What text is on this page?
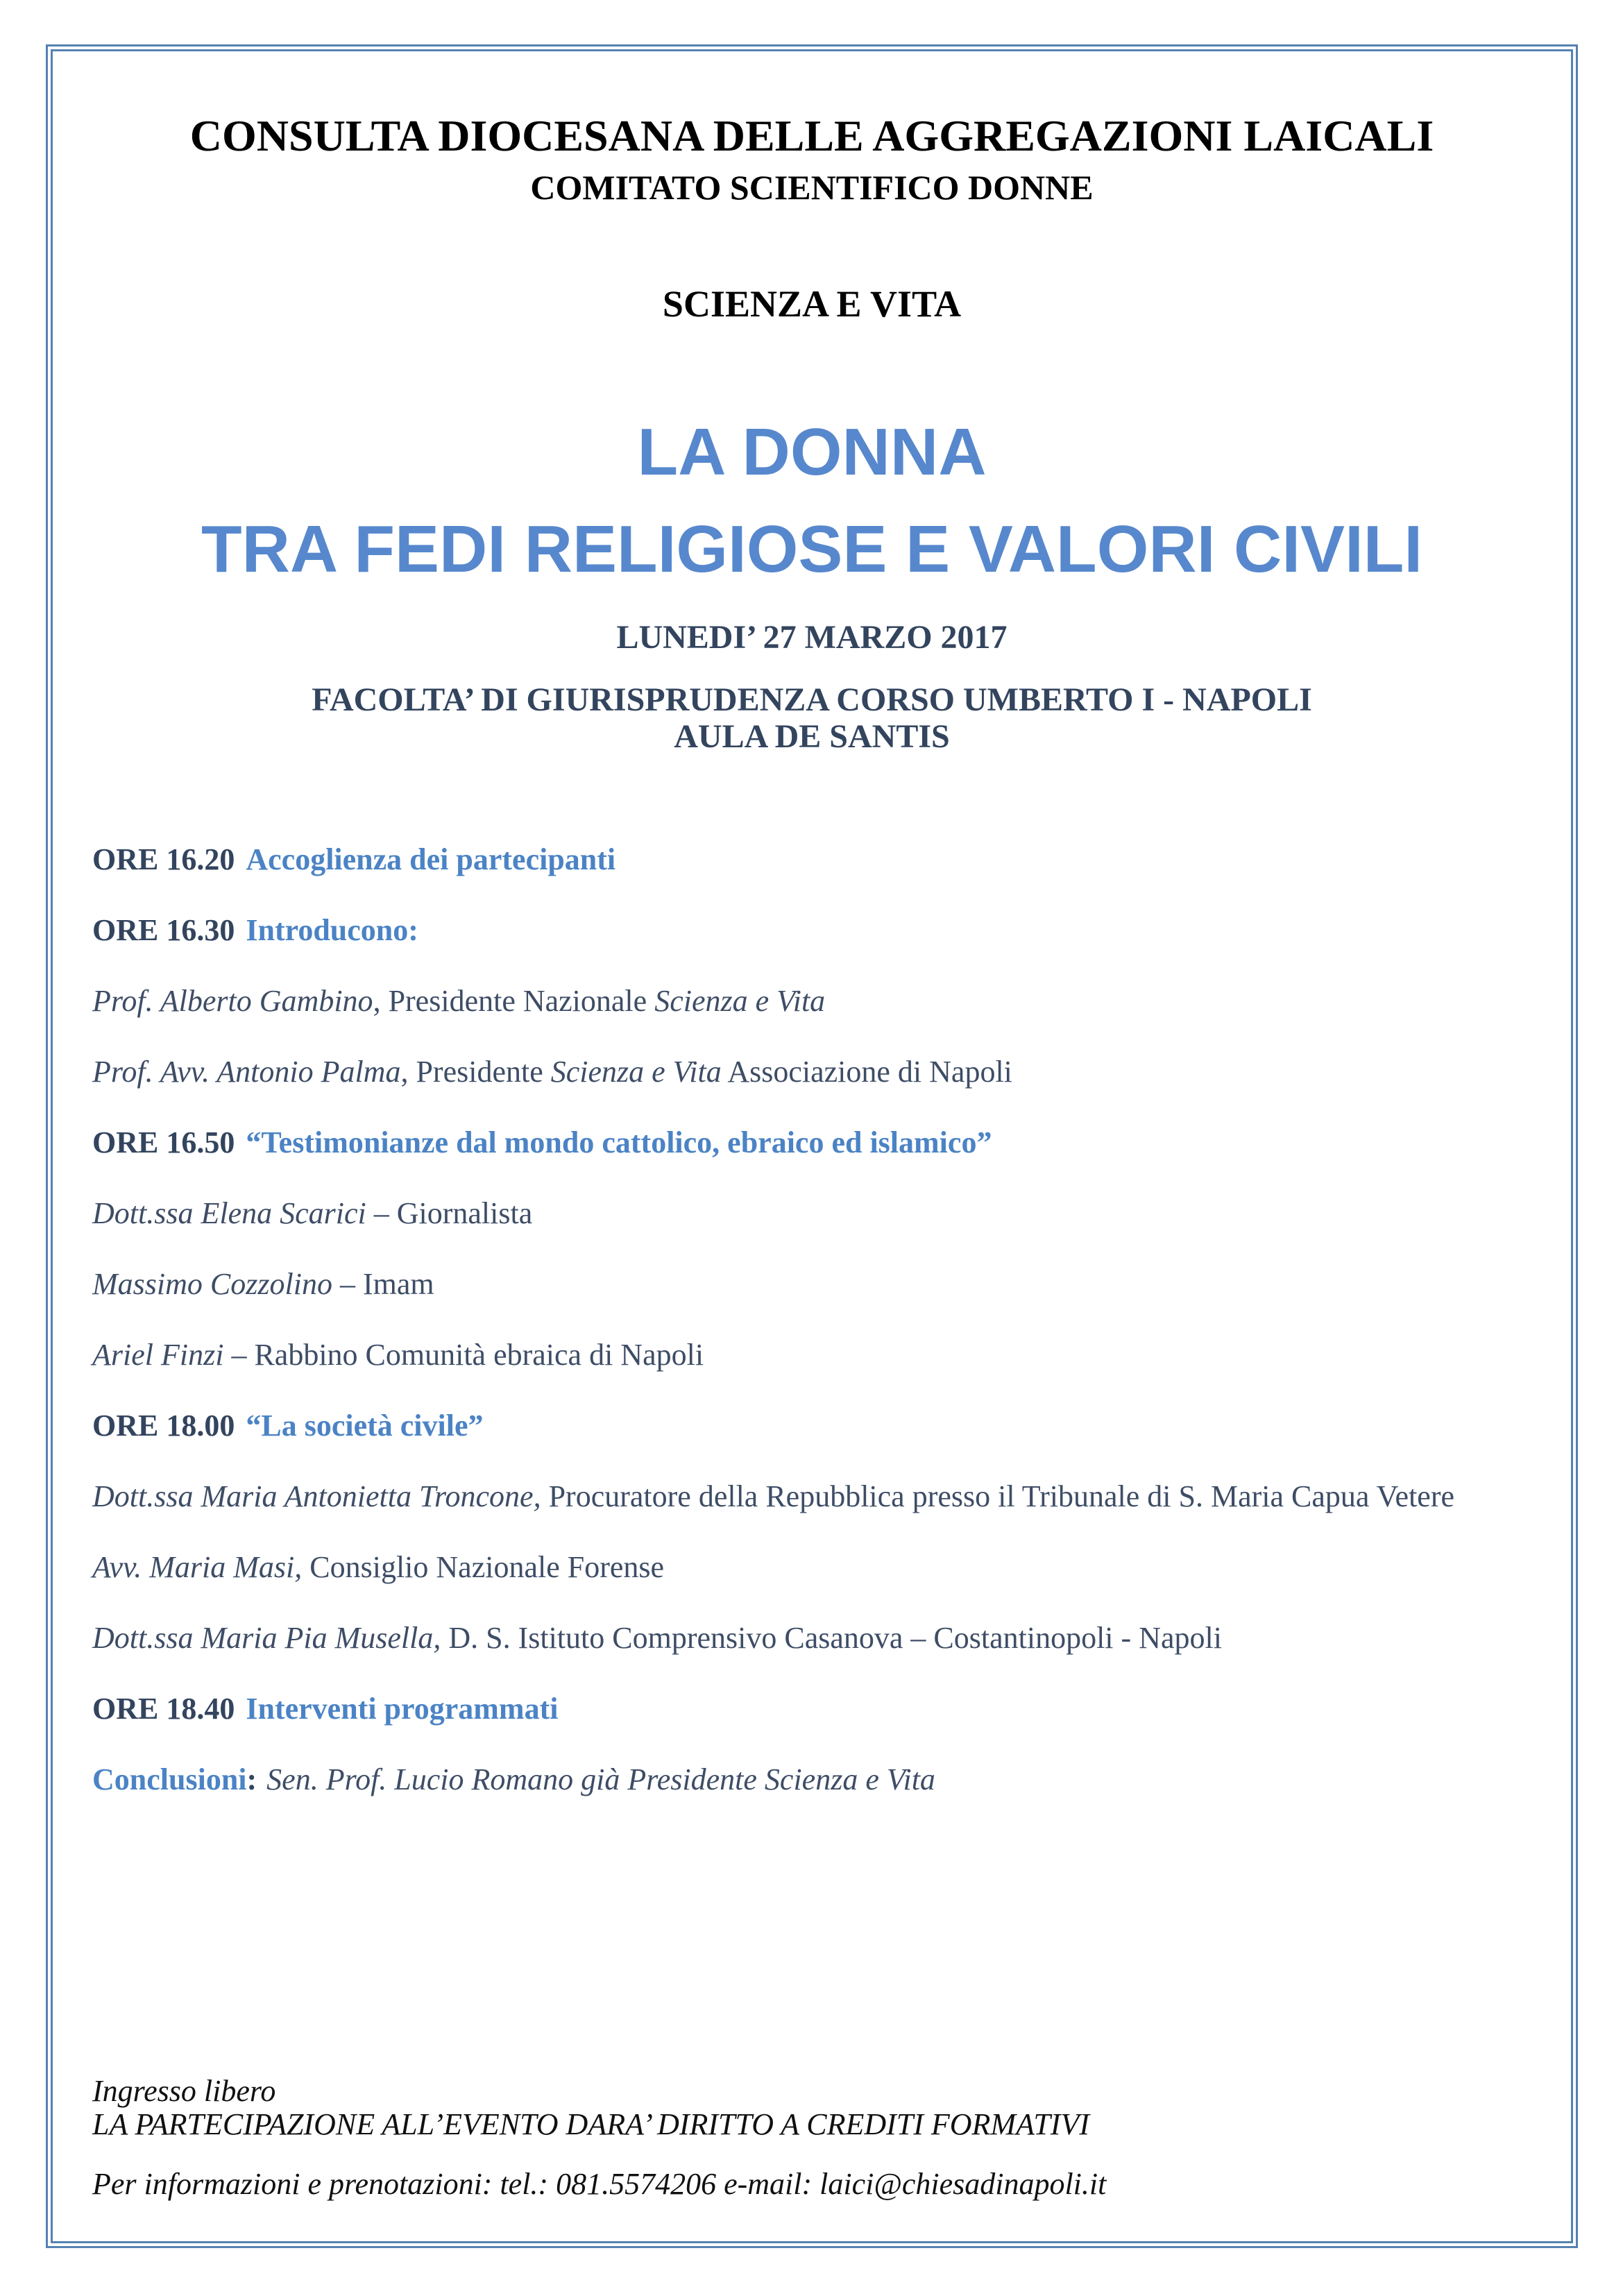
CONSULTA DIOCESANA DELLE AGGREGAZIONI LAICALI
COMITATO SCIENTIFICO DONNE
SCIENZA E VITA
LA DONNA
TRA FEDI RELIGIOSE E VALORI CIVILI
LUNEDI’ 27 MARZO 2017
FACOLTA’ DI GIURISPRUDENZA CORSO UMBERTO I - NAPOLI
AULA DE SANTIS

ORE 16.20 Accoglienza dei partecipanti

ORE 16.30 Introducono:

Prof. Alberto Gambino, Presidente Nazionale Scienza e Vita

Prof. Avv. Antonio Palma, Presidente Scienza e Vita Associazione di Napoli

ORE 16.50 “Testimonianze dal mondo cattolico, ebraico ed islamico”

Dott.ssa Elena Scarici – Giornalista

Massimo Cozzolino – Imam

Ariel Finzi – Rabbino Comunità ebraica di Napoli

ORE 18.00 “La società civile”

Dott.ssa Maria Antonietta Troncone, Procuratore della Repubblica presso il Tribunale di S. Maria Capua Vetere

Avv. Maria Masi, Consiglio Nazionale Forense

Dott.ssa Maria Pia Musella, D. S. Istituto Comprensivo Casanova – Costantinopoli - Napoli

ORE 18.40 Interventi programmati

Conclusioni: Sen. Prof. Lucio Romano già Presidente Scienza e Vita

Ingresso libero
LA PARTECIPAZIONE ALL’EVENTO DARA’ DIRITTO A CREDITI FORMATIVI
Per informazioni e prenotazioni: tel.: 081.5574206 e-mail: laici@chiesadinapoli.it
